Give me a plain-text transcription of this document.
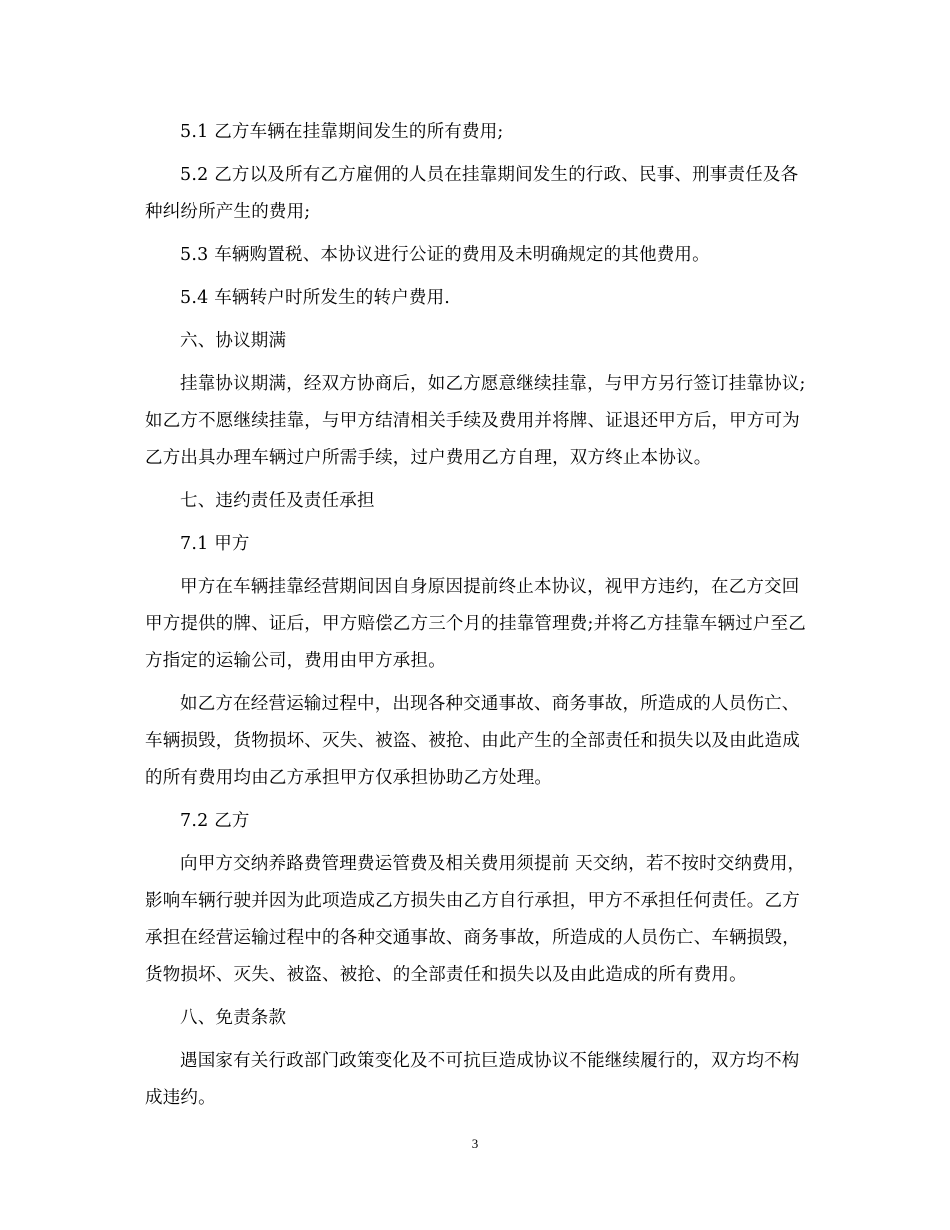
5.1 乙方车辆在挂靠期间发生的所有费用;

5.2 乙方以及所有乙方雇佣的人员在挂靠期间发生的行政、民事、刑事责任及各种纠纷所产生的费用;

5.3 车辆购置税、本协议进行公证的费用及未明确规定的其他费用。

5.4 车辆转户时所发生的转户费用.

六、协议期满

挂靠协议期满，经双方协商后，如乙方愿意继续挂靠，与甲方另行签订挂靠协议;如乙方不愿继续挂靠，与甲方结清相关手续及费用并将牌、证退还甲方后，甲方可为乙方出具办理车辆过户所需手续，过户费用乙方自理，双方终止本协议。

七、违约责任及责任承担

7.1 甲方

甲方在车辆挂靠经营期间因自身原因提前终止本协议，视甲方违约，在乙方交回甲方提供的牌、证后，甲方赔偿乙方三个月的挂靠管理费;并将乙方挂靠车辆过户至乙方指定的运输公司，费用由甲方承担。

如乙方在经营运输过程中，出现各种交通事故、商务事故，所造成的人员伤亡、车辆损毁，货物损坏、灭失、被盗、被抢、由此产生的全部责任和损失以及由此造成的所有费用均由乙方承担甲方仅承担协助乙方处理。

7.2 乙方

向甲方交纳养路费管理费运管费及相关费用须提前 天交纳，若不按时交纳费用，影响车辆行驶并因为此项造成乙方损失由乙方自行承担，甲方不承担任何责任。乙方承担在经营运输过程中的各种交通事故、商务事故，所造成的人员伤亡、车辆损毁，货物损坏、灭失、被盗、被抢、的全部责任和损失以及由此造成的所有费用。

八、免责条款

遇国家有关行政部门政策变化及不可抗巨造成协议不能继续履行的，双方均不构成违约。

3
